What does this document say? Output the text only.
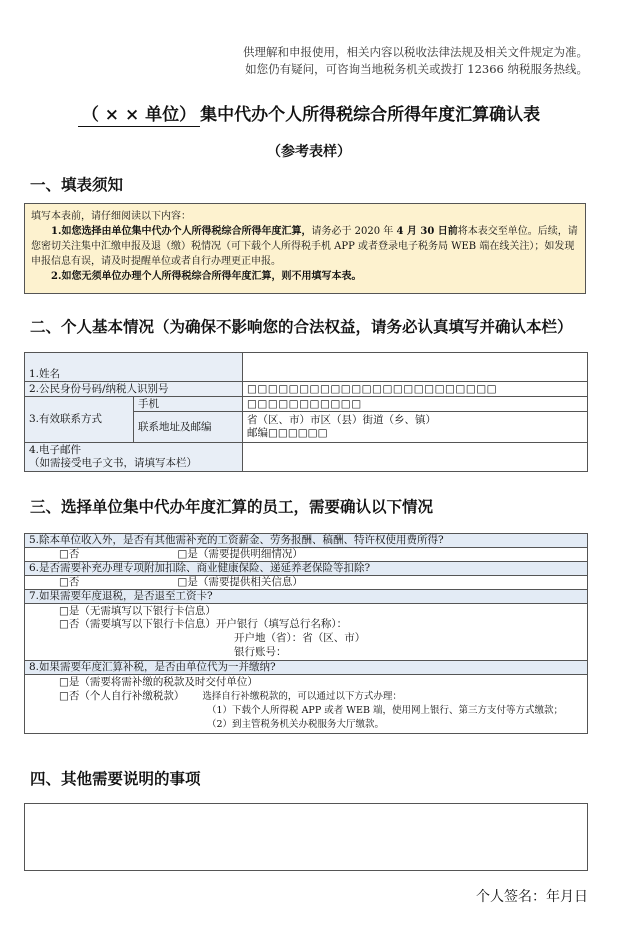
供理解和申报使用，相关内容以税收法律法规及相关文件规定为准。
如您仍有疑问，可咨询当地税务机关或拨打 12366 纳税服务热线。
（ × × 单位） 集中代办个人所得税综合所得年度汇算确认表
（参考表样）
一、填表须知

填写本表前，请仔细阅读以下内容：

1.如您选择由单位集中代办个人所得税综合所得年度汇算，请务必于 2020 年 4 月 30 日前将本表交至单位。后续，请您密切关注集中汇缴申报及退（缴）税情况（可下载个人所得税手机 APP 或者登录电子税务局 WEB 端在线关注）；如发现申报信息有误，请及时提醒单位或者自行办理更正申报。

2.如您无须单位办理个人所得税综合所得年度汇算，则不用填写本表。

二、个人基本情况（为确保不影响您的合法权益，请务必认真填写并确认本栏）
1.姓名		
2.公民身份号码/纳税人识别号		□□□□□□□□□□□□□□□□□□□□□□□□
3.有效联系方式	手机	□□□□□□□□□□□
	联系地址及邮编	省（区、市）市区（县）街道（乡、镇）
邮编□□□□□□

4.电子邮件
（如需接受电子文书，请填写本栏）		

三、选择单位集中代办年度汇算的员工，需要确认以下情况
5.除本单位收入外，是否有其他需补充的工资薪金、劳务报酬、稿酬、特许权使用费所得?
□否	□是（需要提供明细情况）
6.是否需要补充办理专项附加扣除、商业健康保险、递延养老保险等扣除?
□否	□是（需要提供相关信息）
7.如果需要年度退税，是否退至工资卡?

□是（无需填写以下银行卡信息）
□否（需要填写以下银行卡信息）开户银行（填写总行名称）：
开户地（省）：省（区、市）
银行账号：

8.如果需要年度汇算补税，是否由单位代为一并缴纳?

□是（需要将需补缴的税款及时交付单位）
□否（个人自行补缴税款） 选择自行补缴税款的，可以通过以下方式办理：
（1）下载个人所得税 APP 或者 WEB 端，使用网上银行、第三方支付等方式缴款；
（2）到主管税务机关办税服务大厅缴款。
四、其他需要说明的事项
个人签名：年月日
